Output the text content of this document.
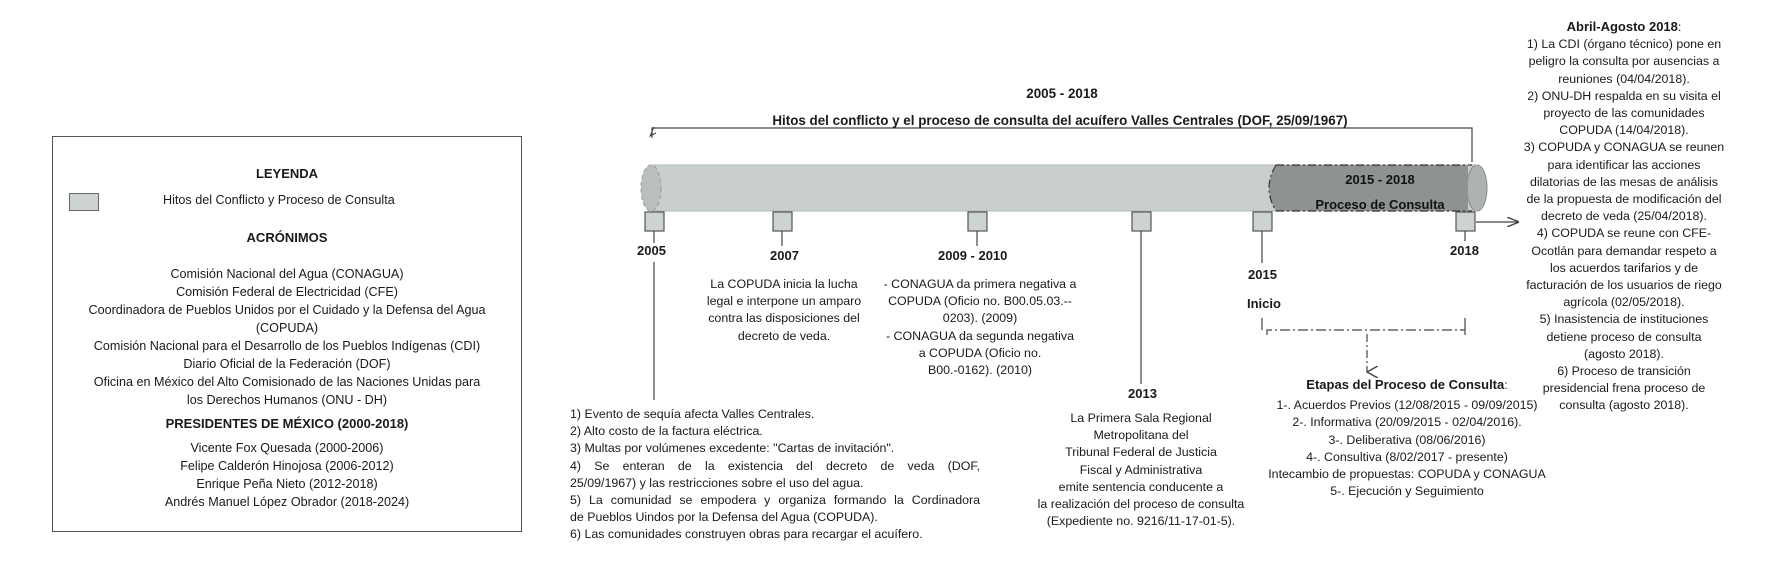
LEYENDA
Hitos del Conflicto y Proceso de Consulta
ACRÓNIMOS
Comisión Nacional del Agua (CONAGUA)
Comisión Federal de Electricidad (CFE)
Coordinadora de Pueblos Unidos por el Cuidado y la Defensa del Agua
(COPUDA)
Comisión Nacional para el Desarrollo de los Pueblos Indígenas (CDI)
Diario Oficial de la Federación (DOF)
Oficina en México del Alto Comisionado de las Naciones Unidas para
los Derechos Humanos (ONU - DH)
PRESIDENTES DE MÉXICO (2000-2018)
Vicente Fox Quesada (2000-2006)
Felipe Calderón Hinojosa (2006-2012)
Enrique Peña Nieto (2012-2018)
Andrés Manuel López Obrador (2018-2024)
2005 - 2018
Hitos del conflicto y el proceso de consulta del acuífero Valles Centrales (DOF, 25/09/1967)
2015 - 2018
Proceso de Consulta
2005	2007	2009 - 2010
2013
2015
Inicio
2018
1) Evento de sequía afecta Valles Centrales.
2) Alto costo de la factura eléctrica.
3) Multas por volúmenes excedente: "Cartas de invitación".
4) Se enteran de la existencia del decreto de veda (DOF,
25/09/1967) y las restricciones sobre el uso del agua.
5) La comunidad se empodera y organiza formando la Cordinadora
de Pueblos Uindos por la Defensa del Agua (COPUDA).
6) Las comunidades construyen obras para recargar el acuífero.
La COPUDA inicia la lucha
legal e interpone un amparo
contra las disposiciones del
decreto de veda.
- CONAGUA da primera negativa a
COPUDA (Oficio no. B00.05.03.--
0203). (2009)
- CONAGUA da segunda negativa
a COPUDA (Oficio no.
B00.-0162). (2010)
La Primera Sala Regional
Metropolitana del
Tribunal Federal de Justicia
Fiscal y Administrativa
emite sentencia conducente a
la realización del proceso de consulta
(Expediente no. 9216/11-17-01-5).
Etapas del Proceso de Consulta:
1-. Acuerdos Previos (12/08/2015 - 09/09/2015)
2-. Informativa (20/09/2015 - 02/04/2016).
3-. Deliberativa (08/06/2016)
4-. Consultiva (8/02/2017 - presente)
Intecambio de propuestas: COPUDA y CONAGUA
5-. Ejecución y Seguimiento
Abril-Agosto 2018:
1) La CDI (órgano técnico) pone en
peligro la consulta por ausencias a
reuniones (04/04/2018).
2) ONU-DH respalda en su visita el
proyecto de las comunidades
COPUDA (14/04/2018).
3) COPUDA y CONAGUA se reunen
para identificar las acciones
dilatorias de las mesas de análisis
de la propuesta de modificación del
decreto de veda (25/04/2018).
4) COPUDA se reune con CFE-
Ocotlán para demandar respeto a
los acuerdos tarifarios y de
facturación de los usuarios de riego
agrícola (02/05/2018).
5) Inasistencia de instituciones
detiene proceso de consulta
(agosto 2018).
6) Proceso de transición
presidencial frena proceso de
consulta (agosto 2018).
